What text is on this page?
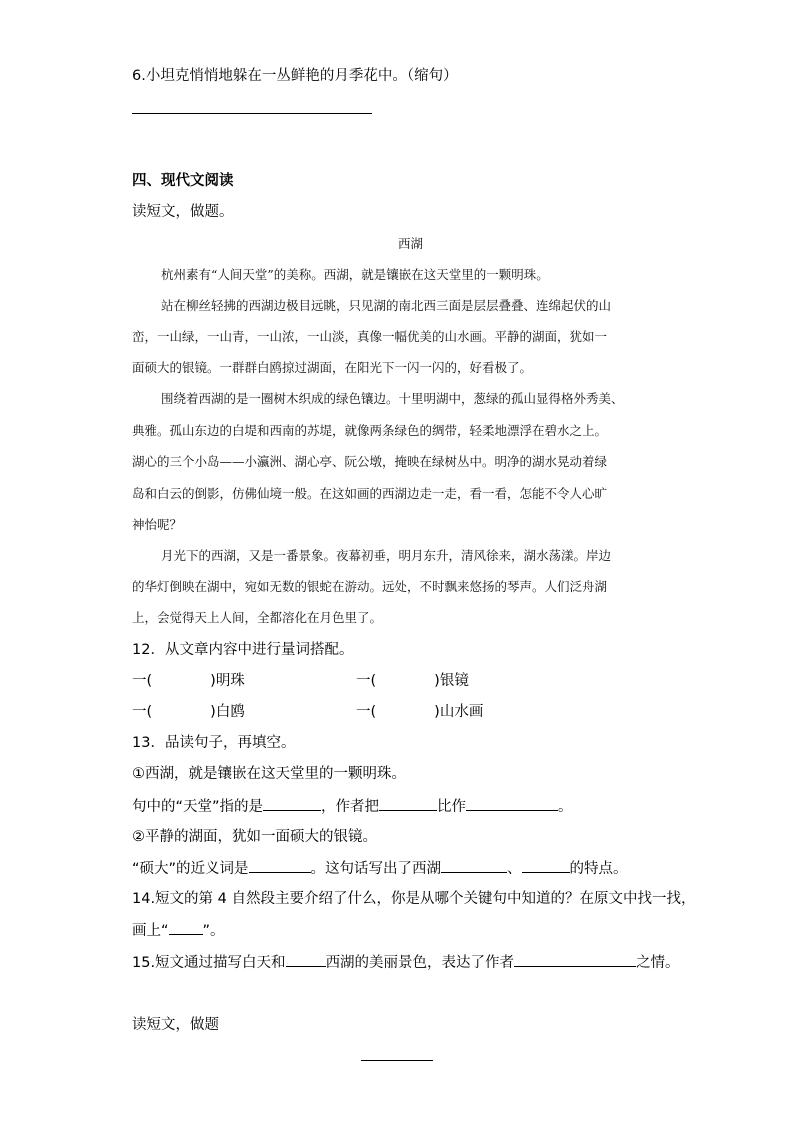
6.小坦克悄悄地躲在一丛鲜艳的月季花中。（缩句）
四、现代文阅读
读短文，做题。
西湖
杭州素有“人间天堂”的美称。西湖，就是镶嵌在这天堂里的一颗明珠。
站在柳丝轻拂的西湖边极目远眺，只见湖的南北西三面是层层叠叠、连绵起伏的山
峦，一山绿，一山青，一山浓，一山淡，真像一幅优美的山水画。平静的湖面，犹如一
面硕大的银镜。一群群白鸥掠过湖面，在阳光下一闪一闪的，好看极了。
围绕着西湖的是一圈树木织成的绿色镶边。十里明湖中，葱绿的孤山显得格外秀美、
典雅。孤山东边的白堤和西南的苏堤，就像两条绿色的绸带，轻柔地漂浮在碧水之上。
湖心的三个小岛——小瀛洲、湖心亭、阮公墩，掩映在绿树丛中。明净的湖水晃动着绿
岛和白云的倒影，仿佛仙境一般。在这如画的西湖边走一走，看一看，怎能不令人心旷
神怡呢？
月光下的西湖，又是一番景象。夜幕初垂，明月东升，清风徐来，湖水荡漾。岸边
的华灯倒映在湖中，宛如无数的银蛇在游动。远处，不时飘来悠扬的琴声。人们泛舟湖
上，会觉得天上人间，全都溶化在月色里了。
12．从文章内容中进行量词搭配。
一(	)明珠	一(	)银镜
一(	)白鸥	一(	)山水画
13．品读句子，再填空。
①西湖，就是镶嵌在这天堂里的一颗明珠。
句中的“天堂”指的是	，作者把	比作	。
②平静的湖面，犹如一面硕大的银镜。
“硕大”的近义词是	。这句话写出了西湖	、	的特点。
14.短文的第 4 自然段主要介绍了什么，你是从哪个关键句中知道的？在原文中找一找，
画上“ ”。
15.短文通过描写白天和	西湖的美丽景色，表达了作者	之情。
读短文，做题
